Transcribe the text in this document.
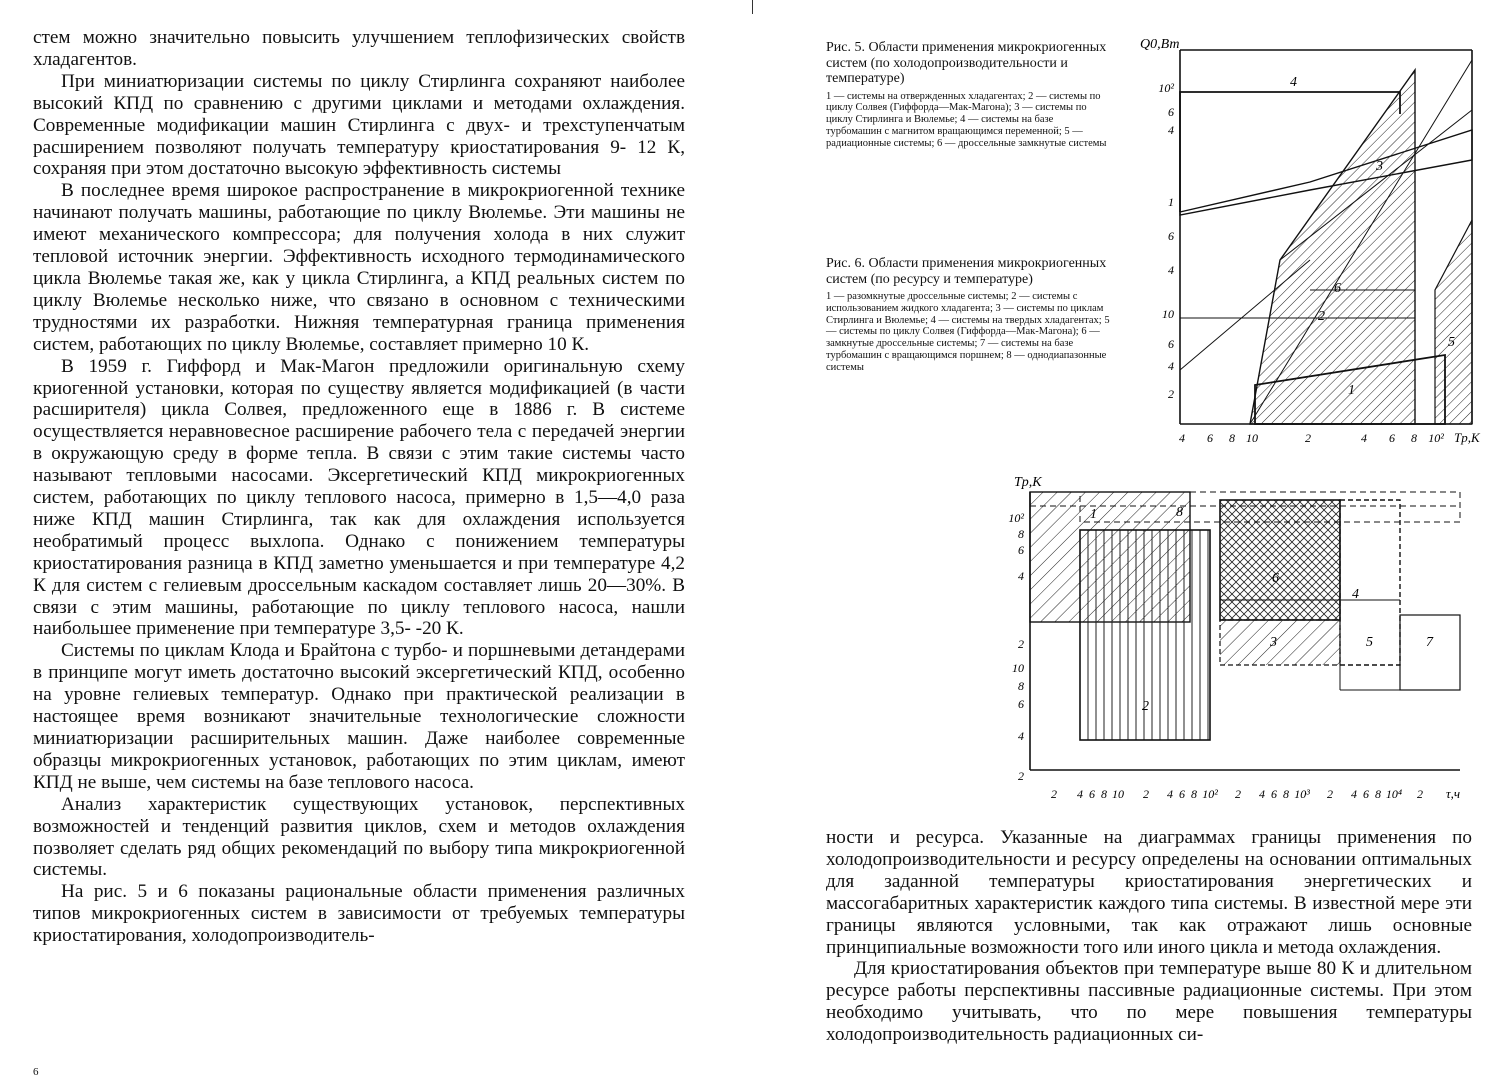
стем можно значительно повысить улучшением теплофизических свойств хладагентов.

При миниатюризации системы по циклу Стирлинга сохраняют наиболее высокий КПД по сравнению с другими циклами и методами охлаждения. Современные модификации машин Стирлинга с двух- и трехступенчатым расширением позволяют получать температуру криостатирования 9- 12 К, сохраняя при этом достаточно высокую эффективность системы

В последнее время широкое распространение в микрокриогенной технике начинают получать машины, работающие по циклу Вюлемье. Эти машины не имеют механического компрессора; для получения холода в них служит тепловой источник энергии. Эффективность исходного термодинамического цикла Вюлемье такая же, как у цикла Стирлинга, а КПД реальных систем по циклу Вюлемье несколько ниже, что связано в основном с техническими трудностями их разработки. Нижняя температурная граница применения систем, работающих по циклу Вюлемье, составляет примерно 10 К.

В 1959 г. Гиффорд и Мак-Магон предложили оригинальную схему криогенной установки, которая по существу является модификацией (в части расширителя) цикла Солвея, предложенного еще в 1886 г. В системе осуществляется неравновесное расширение рабочего тела с передачей энергии в окружающую среду в форме тепла. В связи с этим такие системы часто называют тепловыми насосами. Эксергетический КПД микрокриогенных систем, работающих по циклу теплового насоса, примерно в 1,5—4,0 раза ниже КПД машин Стирлинга, так как для охлаждения используется необратимый процесс выхлопа. Однако с понижением температуры криостатирования разница в КПД заметно уменьшается и при температуре 4,2 К для систем с гелиевым дроссельным каскадом составляет лишь 20—30%. В связи с этим машины, работающие по циклу теплового насоса, нашли наибольшее применение при температуре 3,5- -20 К.

Системы по циклам Клода и Брайтона с турбо- и поршневыми детандерами в принципе могут иметь достаточно высокий эксергетический КПД, особенно на уровне гелиевых температур. Однако при практической реализации в настоящее время возникают значительные технологические сложности миниатюризации расширительных машин. Даже наиболее современные образцы микрокриогенных установок, работающих по этим циклам, имеют КПД не выше, чем системы на базе теплового насоса.

Анализ характеристик существующих установок, перспективных возможностей и тенденций развития циклов, схем и методов охлаждения позволяет сделать ряд общих рекомендаций по выбору типа микрокриогенной системы.

На рис. 5 и 6 показаны рациональные области применения различных типов микрокриогенных систем в зависимости от требуемых температуры криостатирования, холодопроизводитель-

6
Рис. 5. Области применения микрокриогенных систем (по холодопроизводительности и температуре)
1 — системы на отвержденных хладагентах; 2 — системы по циклу Солвея (Гиффорда—Мак-Магона); 3 — системы по циклу Стирлинга и Вюлемье; 4 — системы на базе турбомашин с магнитом вращающимся переменной; 5 — радиационные системы; 6 — дроссельные замкнутые системы
Рис. 6. Области применения микрокриогенных систем (по ресурсу и температуре)
1 — разомкнутые дроссельные системы; 2 — системы с использованием жидкого хладагента; 3 — системы по циклам Стирлинга и Вюлемье; 4 — системы на твердых хладагентах; 5 — системы по циклу Солвея (Гиффорда—Мак-Магона); 6 — замкнутые дроссельные системы; 7 — системы на базе турбомашин с вращающимся поршнем; 8 — однодиапазонные системы
Q0,Вт
1
2
3
4
5
6
10²
6
4
1
6
4
10
6
4
2
4 6 8 10	2	4 6 8 10² Tp,K
Tp,K
1
2
3
4
5
6
7
8
10²
8
6
4
2
10
8
6
4
2
2 4 6 8 10 2 4 6 8 10² 2 4 6 8 10³ 2 4 6 8 10⁴ 2 τ,ч

ности и ресурса. Указанные на диаграммах границы применения по холодопроизводительности и ресурсу определены на основании оптимальных для заданной температуры криостатирования энергетических и массогабаритных характеристик каждого типа системы. В известной мере эти границы являются условными, так как отражают лишь основные принципиальные возможности того или иного цикла и метода охлаждения.

Для криостатирования объектов при температуре выше 80 К и длительном ресурсе работы перспективны пассивные радиационные системы. При этом необходимо учитывать, что по мере повышения температуры холодопроизводительность радиационных си-
